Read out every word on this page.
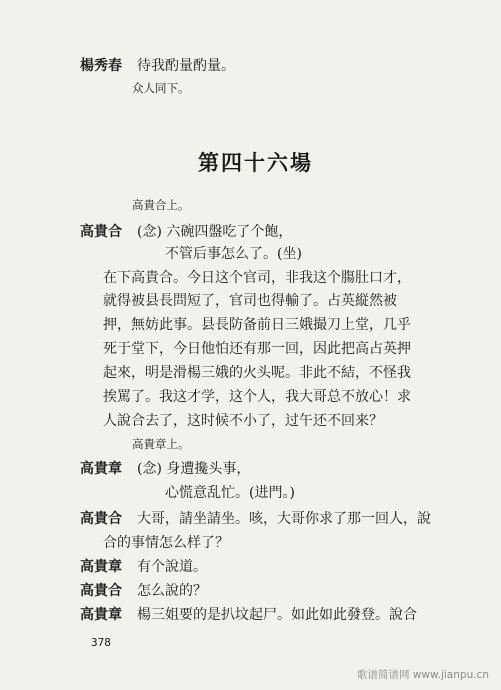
楊秀春 待我酌量酌量。
众人同下。
第四十六場
高貴合上。
高貴合 (念) 六碗四盤吃了个飽，
不管后事怎么了。(坐)
在下高貴合。今日这个官司，非我这个膓肚口才，
就得被县長問短了，官司也得輸了。占英縦然被
押，無妨此事。县長防备前日三娥撮刀上堂，几乎
死于堂下，今日他怕还有那一回，因此把高占英押
起來，明是滑楊三娥的火头呢。非此不結，不怪我
挨罵了。我这才学，这个人，我大哥总不放心！求
人說合去了，这时候不小了，过午还不回来？
高貴章上。
高貴章 (念) 身遭攙头事，
心慌意乱忙。(进門。)
高貴合 大哥，請坐請坐。咳，大哥你求了那一回人，說
合的事情怎么样了？
高貴章 有个說道。
高貴合 怎么說的？
高貴章 楊三姐要的是扒坟起尸。如此如此發登。說合
378
歌谱简谱网 www.jianpu.cn
